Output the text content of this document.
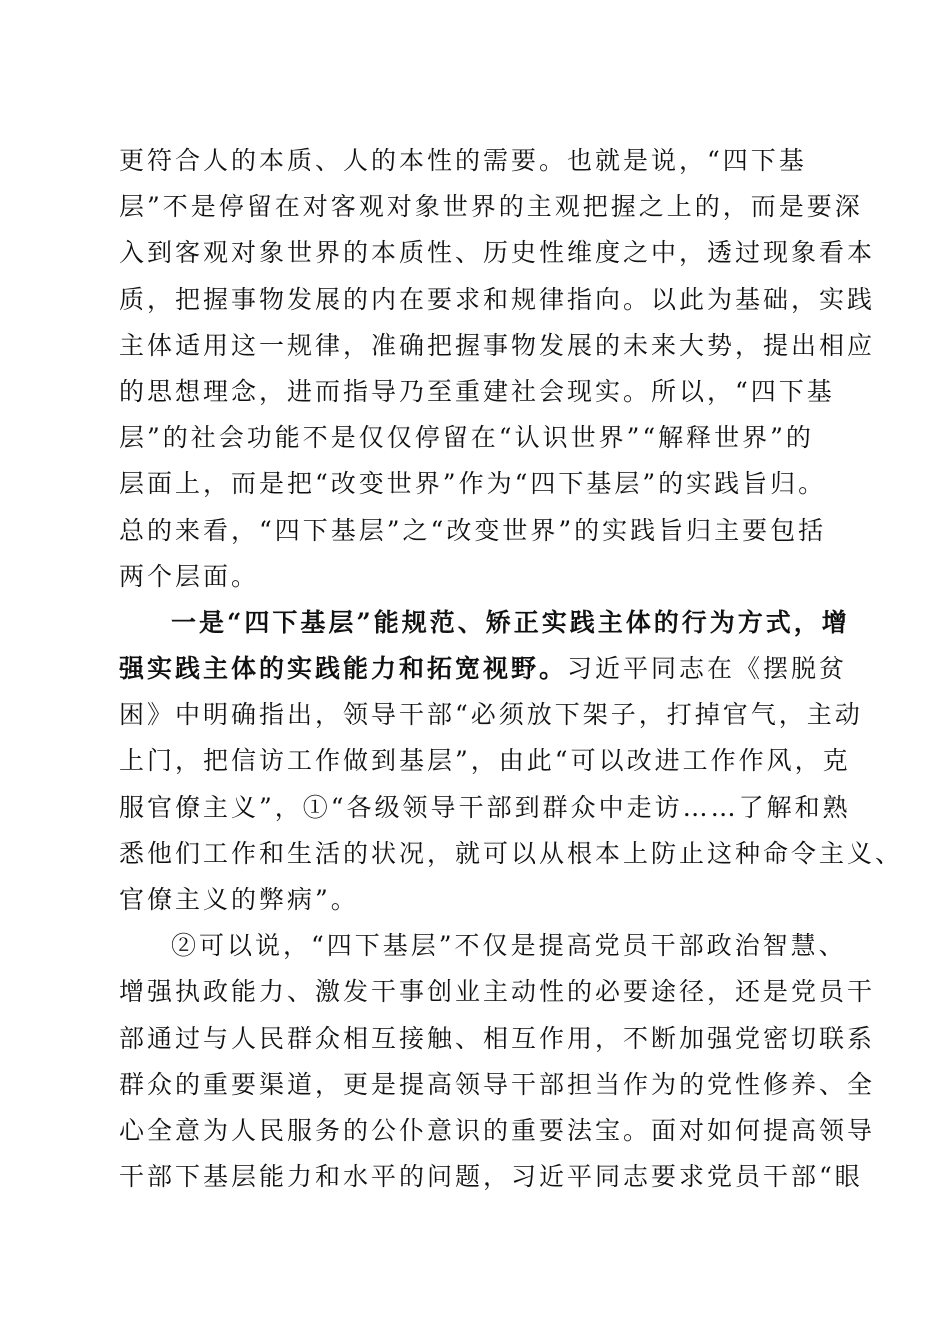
更符合人的本质、人的本性的需要。也就是说，“四下基
层”不是停留在对客观对象世界的主观把握之上的，而是要深
入到客观对象世界的本质性、历史性维度之中，透过现象看本
质，把握事物发展的内在要求和规律指向。以此为基础，实践
主体适用这一规律，准确把握事物发展的未来大势，提出相应
的思想理念，进而指导乃至重建社会现实。所以，“四下基
层”的社会功能不是仅仅停留在“认识世界”“解释世界”的
层面上，而是把“改变世界”作为“四下基层”的实践旨归。
总的来看，“四下基层”之“改变世界”的实践旨归主要包括
两个层面。
一是“四下基层”能规范、矫正实践主体的行为方式，增
强实践主体的实践能力和拓宽视野。习近平同志在《摆脱贫
困》中明确指出，领导干部“必须放下架子，打掉官气，主动
上门，把信访工作做到基层”，由此“可以改进工作作风，克
服官僚主义”，①“各级领导干部到群众中走访……了解和熟
悉他们工作和生活的状况，就可以从根本上防止这种命令主义、
官僚主义的弊病”。
②可以说，“四下基层”不仅是提高党员干部政治智慧、
增强执政能力、激发干事创业主动性的必要途径，还是党员干
部通过与人民群众相互接触、相互作用，不断加强党密切联系
群众的重要渠道，更是提高领导干部担当作为的党性修养、全
心全意为人民服务的公仆意识的重要法宝。面对如何提高领导
干部下基层能力和水平的问题，习近平同志要求党员干部“眼
